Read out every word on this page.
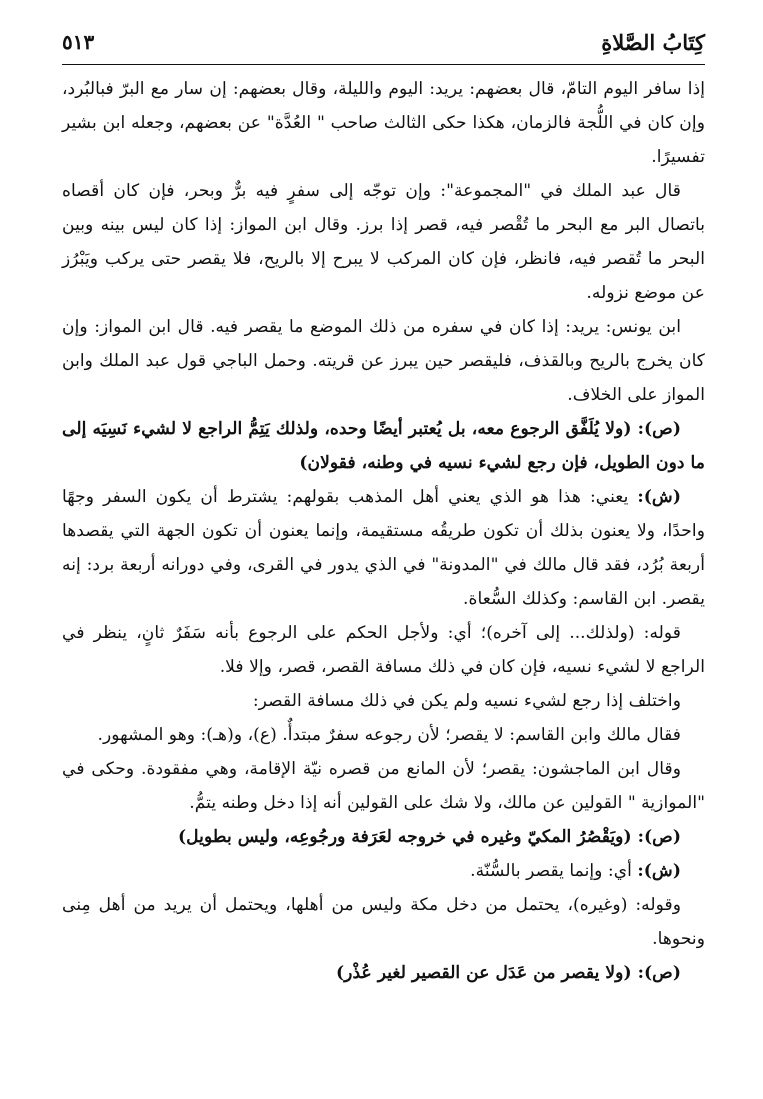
كِتَابُ الصَّلاةِ
٥١٣

إذا سافر اليوم التامّ، قال بعضهم: يريد: اليوم والليلة، وقال بعضهم: إن سار مع البرّ فبالبُرد، وإن كان في اللُّجة فالزمان، هكذا حكى الثالث صاحب " العُدَّة" عن بعضهم، وجعله ابن بشير تفسيرًا.

قال عبد الملك في "المجموعة": وإن توجّه إلى سفرٍ فيه برٌّ وبحر، فإن كان أقصاه باتصال البر مع البحر ما تُقْصر فيه، قصر إذا برز. وقال ابن المواز: إذا كان ليس بينه وبين البحر ما تُقصر فيه، فانظر، فإن كان المركب لا يبرح إلا بالريح، فلا يقصر حتى يركب ويَبْرُز عن موضع نزوله.

ابن يونس: يريد: إذا كان في سفره من ذلك الموضع ما يقصر فيه. قال ابن المواز: وإن كان يخرج بالريح وبالقذف، فليقصر حين يبرز عن قريته. وحمل الباجي قول عبد الملك وابن المواز على الخلاف.

(ص): (ولا يُلَفَّق الرجوع معه، بل يُعتبر أيضًا وحده، ولذلك يَتِمُّ الراجع لا لشيء نَسِيَه إلى ما دون الطويل، فإن رجع لشيء نسيه في وطنه، فقولان)

(ش): يعني: هذا هو الذي يعني أهل المذهب بقولهم: يشترط أن يكون السفر وجهًا واحدًا، ولا يعنون بذلك أن تكون طريقُه مستقيمة، وإنما يعنون أن تكون الجهة التي يقصدها أربعة بُرُد، فقد قال مالك في "المدونة" في الذي يدور في القرى، وفي دورانه أربعة برد: إنه يقصر. ابن القاسم: وكذلك السُّعاة.

قوله: (ولذلك... إلى آخره)؛ أي: ولأجل الحكم على الرجوع بأنه سَفَرٌ ثانٍ، ينظر في الراجع لا لشيء نسيه، فإن كان في ذلك مسافة القصر، قصر، وإلا فلا.

واختلف إذا رجع لشيء نسيه ولم يكن في ذلك مسافة القصر:

فقال مالك وابن القاسم: لا يقصر؛ لأن رجوعه سفرٌ مبتدأٌ. (ع)، و(هـ): وهو المشهور.

وقال ابن الماجشون: يقصر؛ لأن المانع من قصره نيّة الإقامة، وهي مفقودة. وحكى في "الموازية " القولين عن مالك، ولا شك على القولين أنه إذا دخل وطنه يتمُّ.

(ص): (ويَقْصُرُ المكيّ وغيره في خروجه لعَرَفة ورجُوعِه، وليس بطويل)

(ش): أي: وإنما يقصر بالسُّنّة.

وقوله: (وغيره)، يحتمل من دخل مكة وليس من أهلها، ويحتمل أن يريد من أهل مِنى ونحوها.

(ص): (ولا يقصر من عَدَل عن القصير لغير عُذْر)
